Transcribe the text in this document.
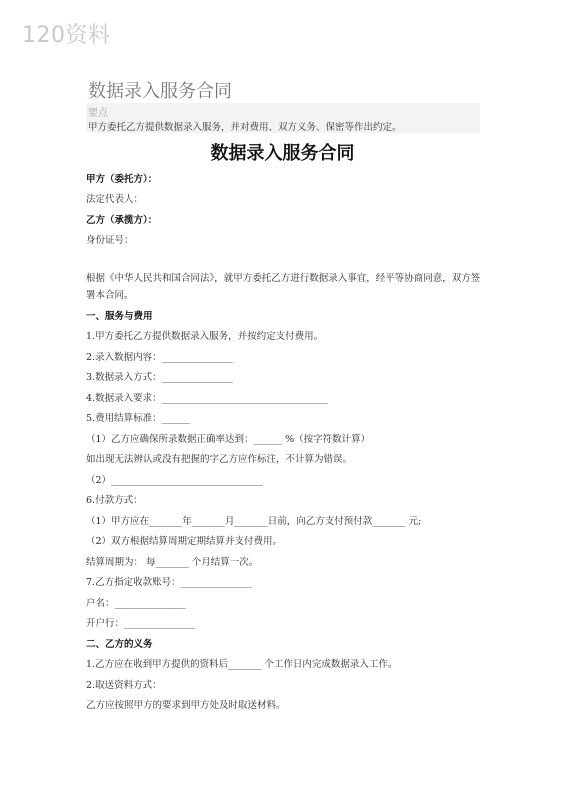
120资料
数据录入服务合同
要点
甲方委托乙方提供数据录入服务，并对费用、双方义务、保密等作出约定。
数据录入服务合同
甲方（委托方）：
法定代表人：
乙方（承揽方）：
身份证号：
根据《中华人民共和国合同法》，就甲方委托乙方进行数据录入事宜，经平等协商同意，双方签署本合同。
一、服务与费用
1.甲方委托乙方提供数据录入服务，并按约定支付费用。
2.录入数据内容：_______________
3.数据录入方式：_______________
4.数据录入要求：___________________________________
5.费用结算标准：______
（1）乙方应确保所录数据正确率达到：______ %（按字符数计算）
如出现无法辨认或没有把握的字乙方应作标注，不计算为错误。
（2）________________________________
6.付款方式：
（1）甲方应在_______年_______月_______日前，向乙方支付预付款_______ 元;
（2）双方根据结算周期定期结算并支付费用。
结算周期为： 每_______ 个月结算一次。
7.乙方指定收款账号：_______________
户名：_______________
开户行：_______________
二、乙方的义务
1.乙方应在收到甲方提供的资料后_______ 个工作日内完成数据录入工作。
2.取送资料方式：
乙方应按照甲方的要求到甲方处及时取送材料。
